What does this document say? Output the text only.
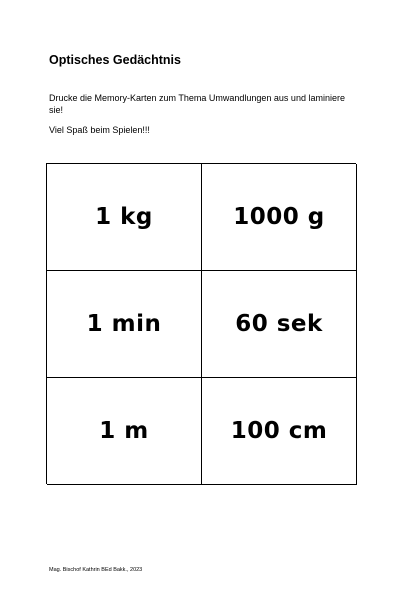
Optisches Gedächtnis

Drucke die Memory-Karten zum Thema Umwandlungen aus und laminiere sie!

Viel Spaß beim Spielen!!!

1 kg	1000 g
1 min	60 sek
1 m	100 cm
Mag. Bischof Kathrin BEd Bakk., 2023
